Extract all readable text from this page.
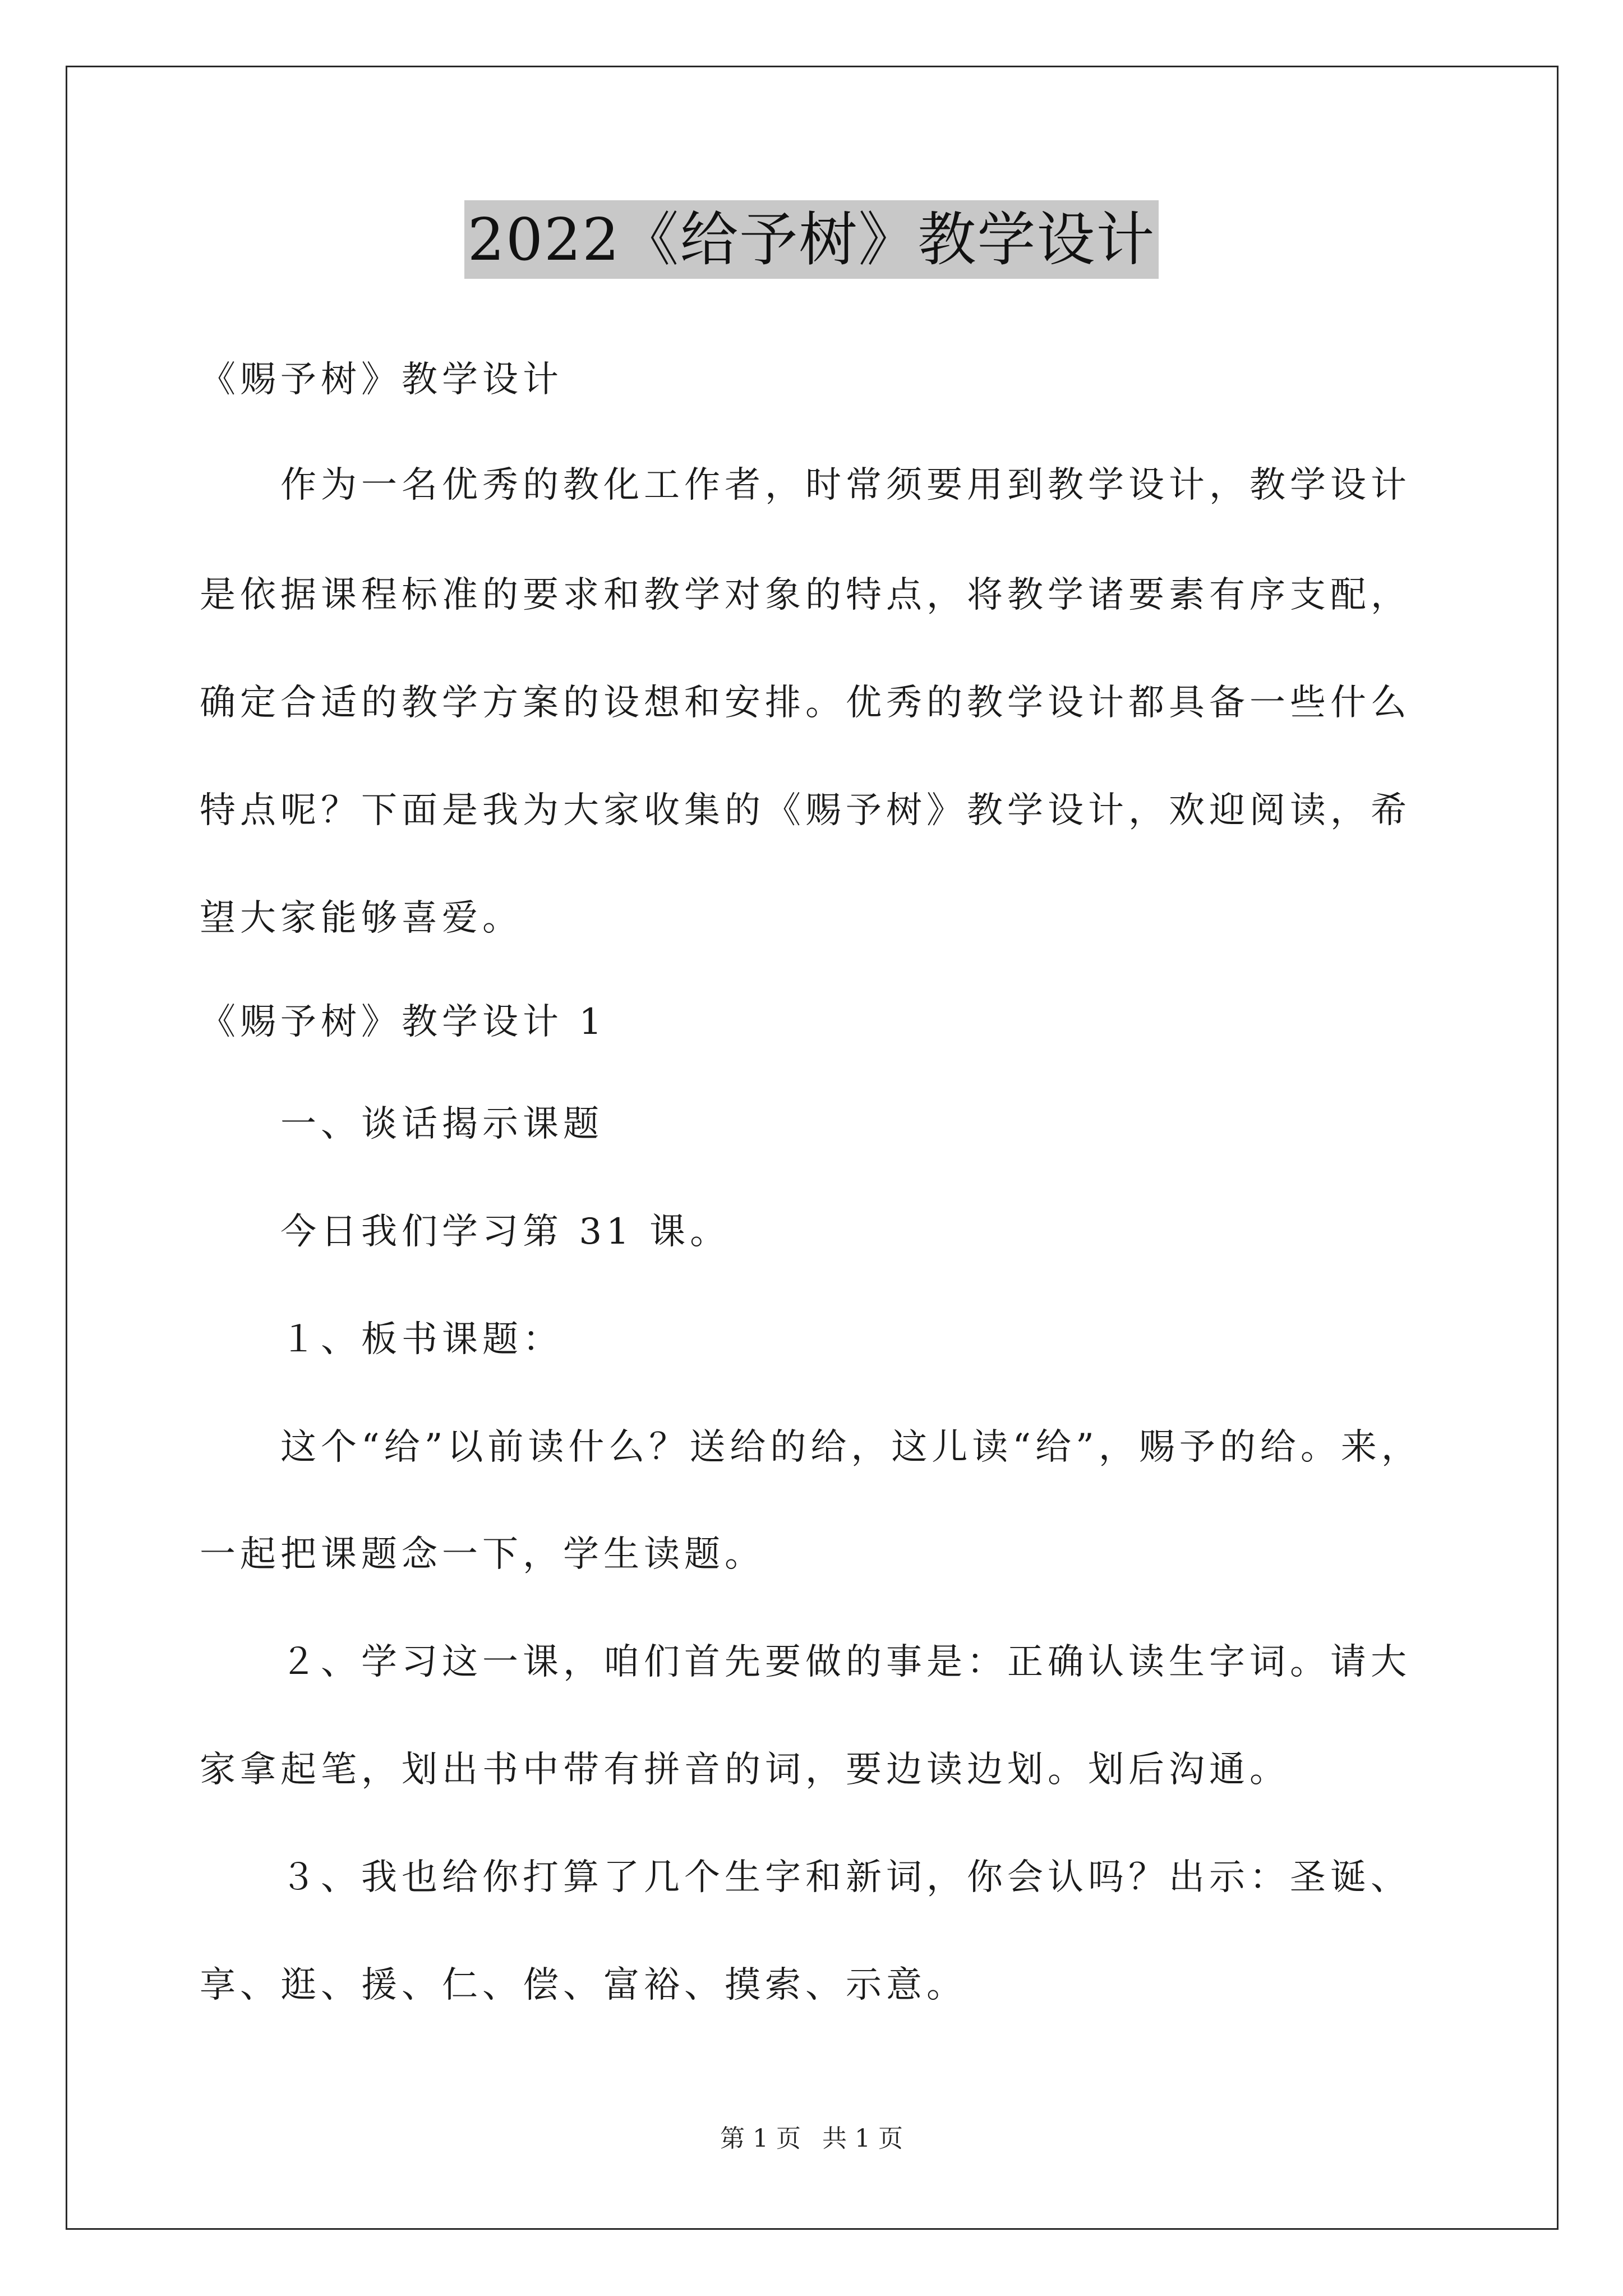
2022《给予树》教学设计
《赐予树》教学设计
作为一名优秀的教化工作者，时常须要用到教学设计，教学设计
是依据课程标准的要求和教学对象的特点，将教学诸要素有序支配，
确定合适的教学方案的设想和安排。优秀的教学设计都具备一些什么
特点呢？下面是我为大家收集的《赐予树》教学设计，欢迎阅读，希
望大家能够喜爱。
《赐予树》教学设计 1
一、谈话揭示课题
今日我们学习第 31 课。
１、板书课题：
这个“给”以前读什么？送给的给，这儿读“给”，赐予的给。来，
一起把课题念一下，学生读题。
２、学习这一课，咱们首先要做的事是：正确认读生字词。请大
家拿起笔，划出书中带有拼音的词，要边读边划。划后沟通。
３、我也给你打算了几个生字和新词，你会认吗？出示：圣诞、
享、逛、援、仁、偿、富裕、摸索、示意。
第 1 页 共 1 页
